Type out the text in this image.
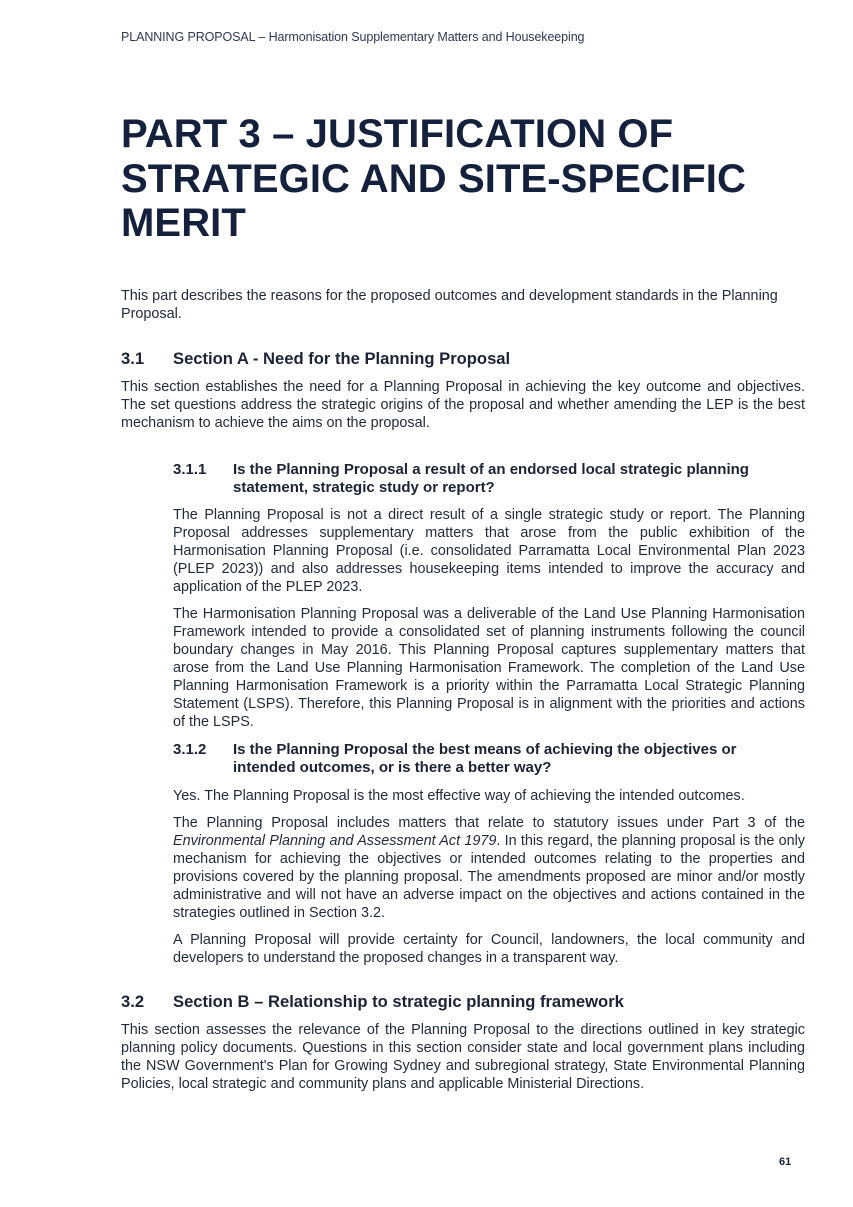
PLANNING PROPOSAL – Harmonisation Supplementary Matters and Housekeeping
PART 3 – JUSTIFICATION OF STRATEGIC AND SITE-SPECIFIC MERIT

This part describes the reasons for the proposed outcomes and development standards in the Planning Proposal.

3.1 Section A - Need for the Planning Proposal

This section establishes the need for a Planning Proposal in achieving the key outcome and objectives. The set questions address the strategic origins of the proposal and whether amending the LEP is the best mechanism to achieve the aims on the proposal.

3.1.1 Is the Planning Proposal a result of an endorsed local strategic planning statement, strategic study or report?

The Planning Proposal is not a direct result of a single strategic study or report. The Planning Proposal addresses supplementary matters that arose from the public exhibition of the Harmonisation Planning Proposal (i.e. consolidated Parramatta Local Environmental Plan 2023 (PLEP 2023)) and also addresses housekeeping items intended to improve the accuracy and application of the PLEP 2023.

The Harmonisation Planning Proposal was a deliverable of the Land Use Planning Harmonisation Framework intended to provide a consolidated set of planning instruments following the council boundary changes in May 2016. This Planning Proposal captures supplementary matters that arose from the Land Use Planning Harmonisation Framework. The completion of the Land Use Planning Harmonisation Framework is a priority within the Parramatta Local Strategic Planning Statement (LSPS). Therefore, this Planning Proposal is in alignment with the priorities and actions of the LSPS.

3.1.2 Is the Planning Proposal the best means of achieving the objectives or intended outcomes, or is there a better way?

Yes. The Planning Proposal is the most effective way of achieving the intended outcomes.

The Planning Proposal includes matters that relate to statutory issues under Part 3 of the Environmental Planning and Assessment Act 1979. In this regard, the planning proposal is the only mechanism for achieving the objectives or intended outcomes relating to the properties and provisions covered by the planning proposal. The amendments proposed are minor and/or mostly administrative and will not have an adverse impact on the objectives and actions contained in the strategies outlined in Section 3.2.

A Planning Proposal will provide certainty for Council, landowners, the local community and developers to understand the proposed changes in a transparent way.

3.2 Section B – Relationship to strategic planning framework

This section assesses the relevance of the Planning Proposal to the directions outlined in key strategic planning policy documents. Questions in this section consider state and local government plans including the NSW Government's Plan for Growing Sydney and subregional strategy, State Environmental Planning Policies, local strategic and community plans and applicable Ministerial Directions.

61
